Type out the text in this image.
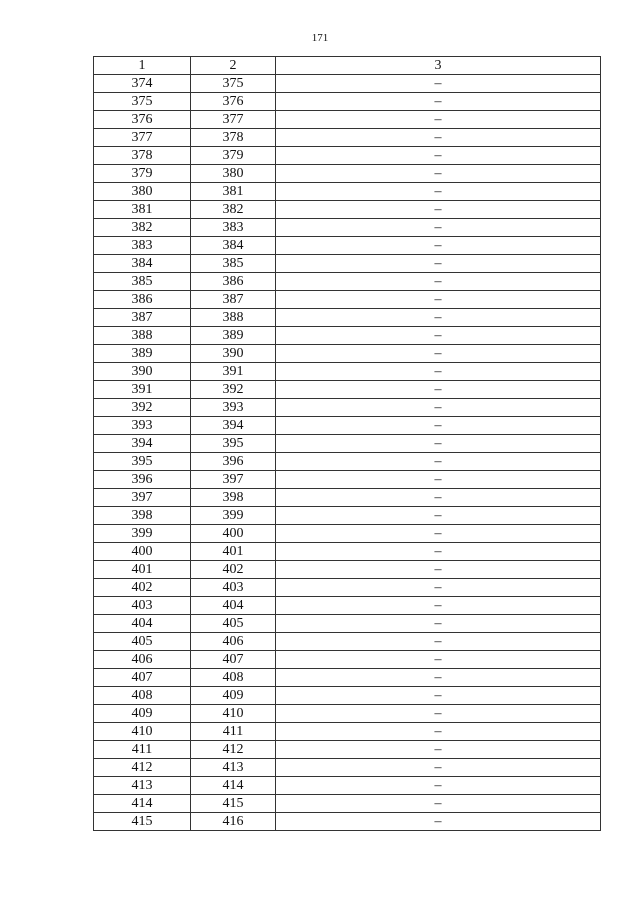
171
1	2	3
374	375	–
375	376	–
376	377	–
377	378	–
378	379	–
379	380	–
380	381	–
381	382	–
382	383	–
383	384	–
384	385	–
385	386	–
386	387	–
387	388	–
388	389	–
389	390	–
390	391	–
391	392	–
392	393	–
393	394	–
394	395	–
395	396	–
396	397	–
397	398	–
398	399	–
399	400	–
400	401	–
401	402	–
402	403	–
403	404	–
404	405	–
405	406	–
406	407	–
407	408	–
408	409	–
409	410	–
410	411	–
411	412	–
412	413	–
413	414	–
414	415	–
415	416	–
